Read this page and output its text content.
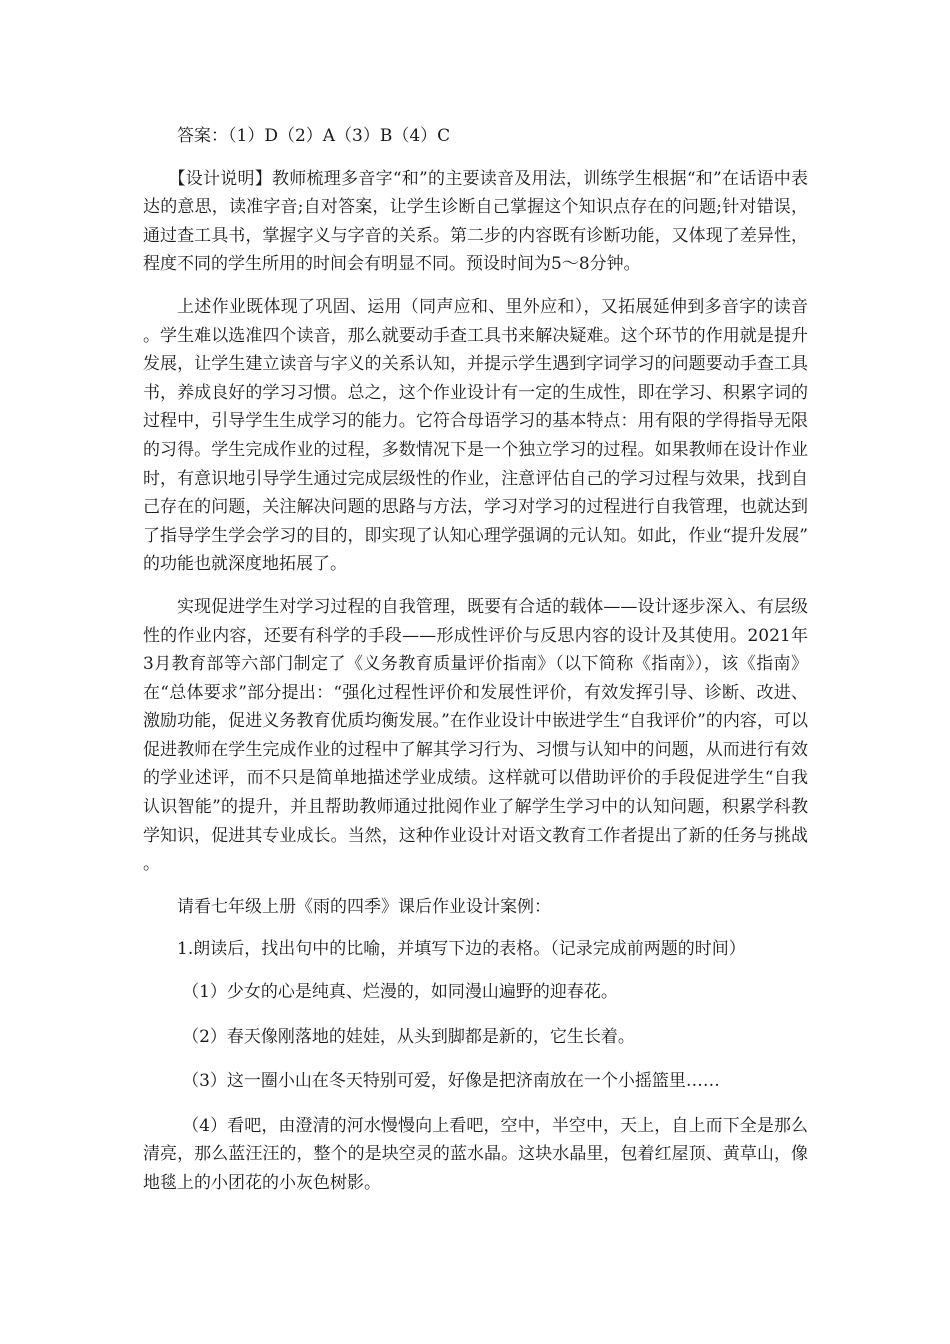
答案：（1）D（2）A（3）B（4）C

【设计说明】教师梳理多音字“和”的主要读音及用法，训练学生根据“和”在话语中表达的意思，读准字音;自对答案，让学生诊断自己掌握这个知识点存在的问题;针对错误，通过查工具书，掌握字义与字音的关系。第二步的内容既有诊断功能，又体现了差异性，程度不同的学生所用的时间会有明显不同。预设时间为5～8分钟。

上述作业既体现了巩固、运用（同声应和、里外应和），又拓展延伸到多音字的读音。学生难以选准四个读音，那么就要动手查工具书来解决疑难。这个环节的作用就是提升发展，让学生建立读音与字义的关系认知，并提示学生遇到字词学习的问题要动手查工具书，养成良好的学习习惯。总之，这个作业设计有一定的生成性，即在学习、积累字词的过程中，引导学生生成学习的能力。它符合母语学习的基本特点：用有限的学得指导无限的习得。学生完成作业的过程，多数情况下是一个独立学习的过程。如果教师在设计作业时，有意识地引导学生通过完成层级性的作业，注意评估自己的学习过程与效果，找到自己存在的问题，关注解决问题的思路与方法，学习对学习的过程进行自我管理，也就达到了指导学生学会学习的目的，即实现了认知心理学强调的元认知。如此，作业“提升发展”的功能也就深度地拓展了。

实现促进学生对学习过程的自我管理，既要有合适的载体——设计逐步深入、有层级性的作业内容，还要有科学的手段——形成性评价与反思内容的设计及其使用。2021年3月教育部等六部门制定了《义务教育质量评价指南》（以下简称《指南》），该《指南》在“总体要求”部分提出：“强化过程性评价和发展性评价，有效发挥引导、诊断、改进、激励功能，促进义务教育优质均衡发展。”在作业设计中嵌进学生“自我评价”的内容，可以促进教师在学生完成作业的过程中了解其学习行为、习惯与认知中的问题，从而进行有效的学业述评，而不只是简单地描述学业成绩。这样就可以借助评价的手段促进学生“自我认识智能”的提升，并且帮助教师通过批阅作业了解学生学习中的认知问题，积累学科教学知识，促进其专业成长。当然，这种作业设计对语文教育工作者提出了新的任务与挑战。

请看七年级上册《雨的四季》课后作业设计案例：

1.朗读后，找出句中的比喻，并填写下边的表格。（记录完成前两题的时间）

（1）少女的心是纯真、烂漫的，如同漫山遍野的迎春花。

（2）春天像刚落地的娃娃，从头到脚都是新的，它生长着。

（3）这一圈小山在冬天特别可爱，好像是把济南放在一个小摇篮里……

（4）看吧，由澄清的河水慢慢向上看吧，空中，半空中，天上，自上而下全是那么清亮，那么蓝汪汪的，整个的是块空灵的蓝水晶。这块水晶里，包着红屋顶、黄草山，像地毯上的小团花的小灰色树影。
